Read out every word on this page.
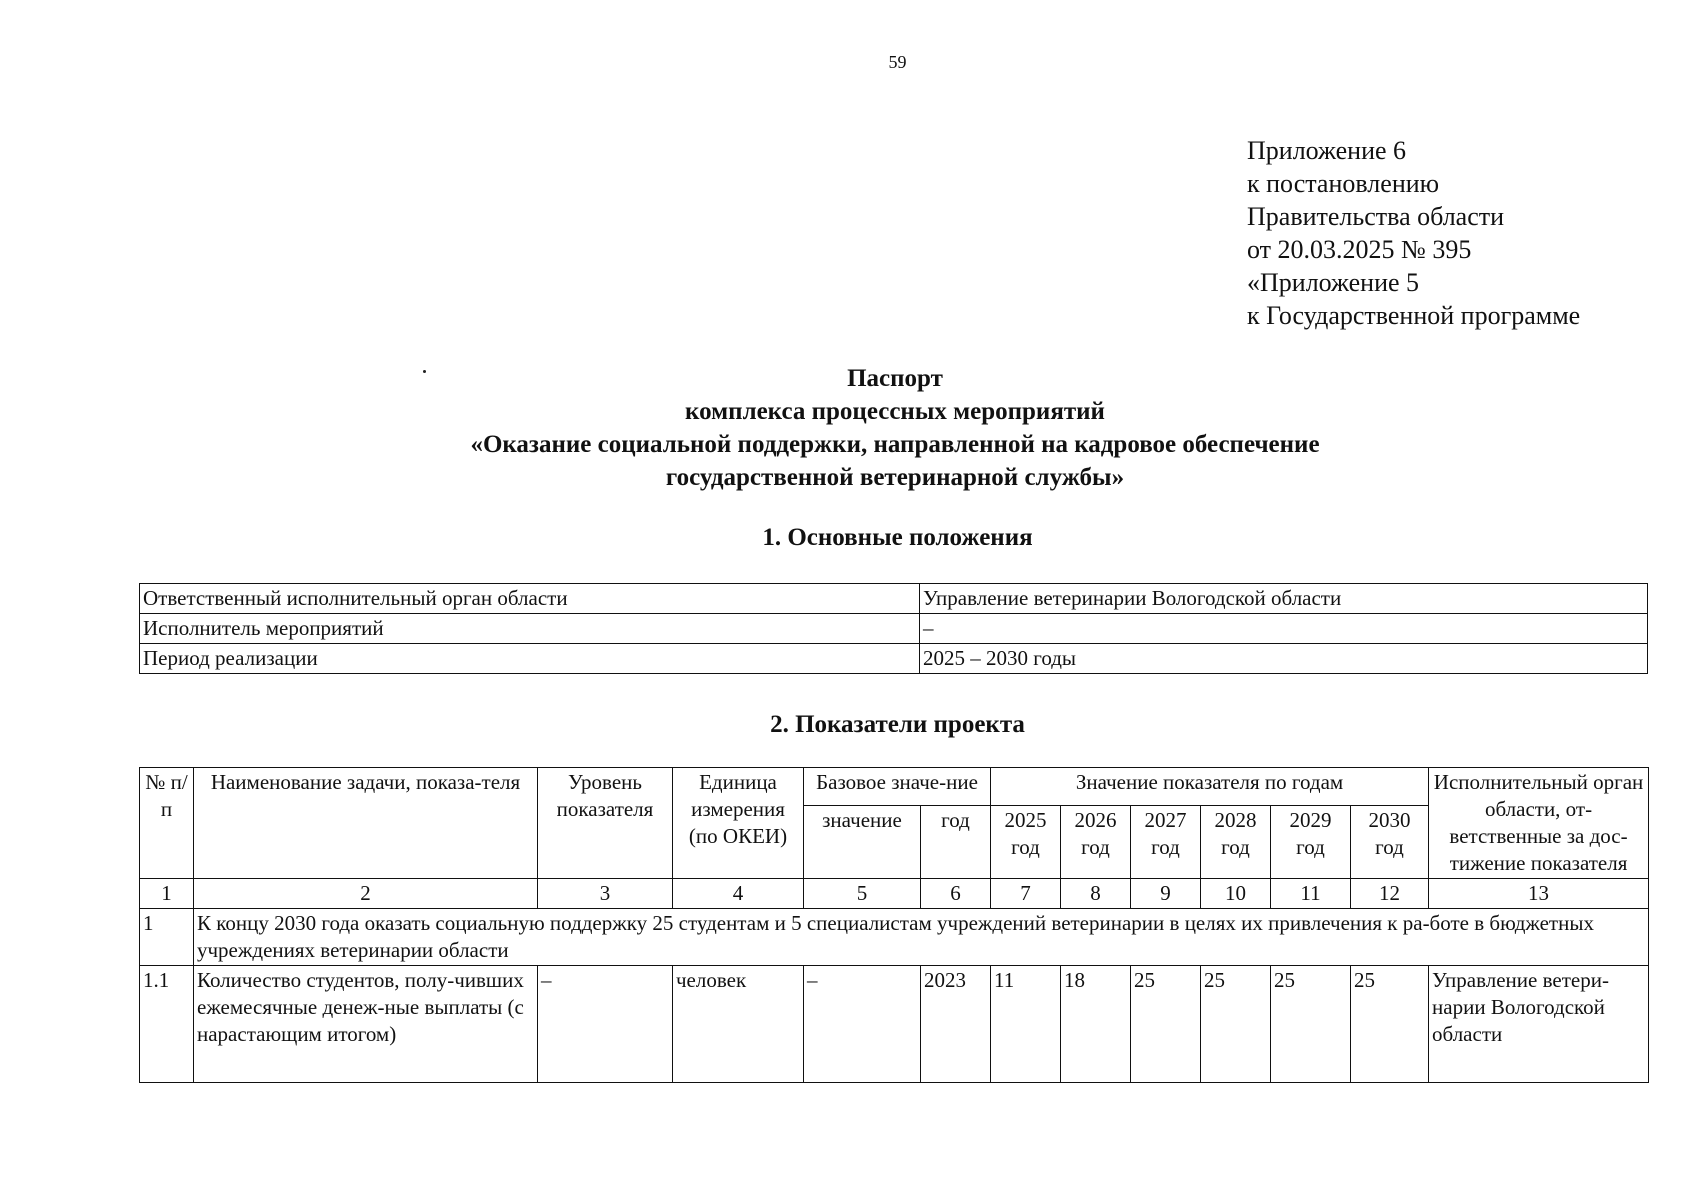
59
Приложение 6
к постановлению
Правительства области
от 20.03.2025 № 395
«Приложение 5
к Государственной программе
Паспорт
комплекса процессных мероприятий
«Оказание социальной поддержки, направленной на кадровое обеспечение
государственной ветеринарной службы»
1. Основные положения
Ответственный исполнительный орган области	Управление ветеринарии Вологодской области
Исполнитель мероприятий	–
Период реализации	2025 – 2030 годы
2. Показатели проекта
№ п/п	Наименование задачи, показа-теля	Уровень показателя	Единица измерения (по ОКЕИ)	Базовое значе-ние		Значение показателя по годам						Исполнительный орган области, от-ветственные за дос-тижение показателя

				значение	год	2025 год	2026 год	2027 год	2028 год	2029 год	2030 год	
1	2	3	4	5	6	7	8	9	10	11	12	13
1	К концу 2030 года оказать социальную поддержку 25 студентам и 5 специалистам учреждений ветеринарии в целях их привлечения к ра-боте в бюджетных учреждениях ветеринарии области											
1.1	Количество студентов, полу-чивших ежемесячные денеж-ные выплаты (с нарастающим итогом)	–	человек	–	2023	11	18	25	25	25	25	Управление ветери-нарии Вологодской области
